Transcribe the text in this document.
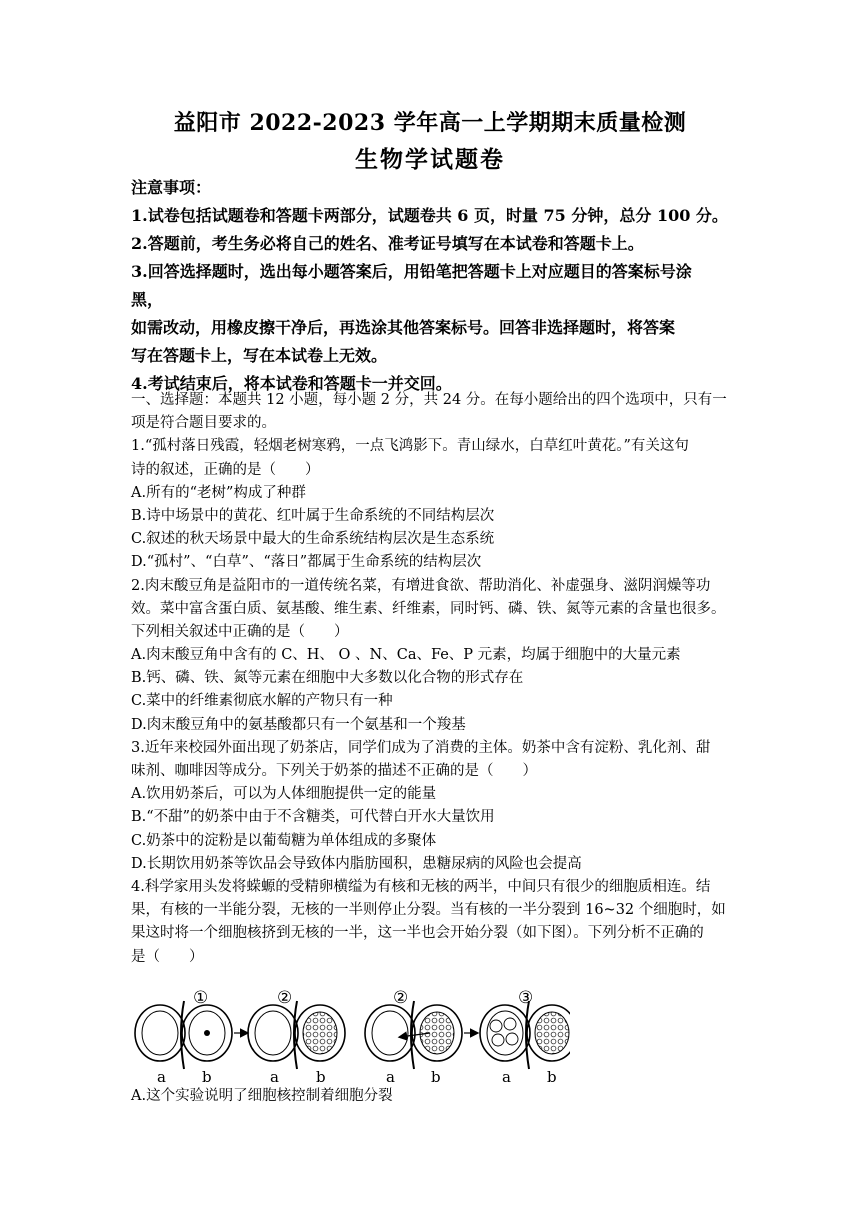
益阳市 2022-2023 学年高一上学期期末质量检测
生物学试题卷
注意事项：
1.试卷包括试题卷和答题卡两部分，试题卷共 6 页，时量 75 分钟，总分 100 分。
2.答题前，考生务必将自己的姓名、准考证号填写在本试卷和答题卡上。
3.回答选择题时，选出每小题答案后，用铅笔把答题卡上对应题目的答案标号涂
黑，
如需改动，用橡皮擦干净后，再选涂其他答案标号。回答非选择题时，将答案
写在答题卡上，写在本试卷上无效。
4.考试结束后，将本试卷和答题卡一并交回。
一、选择题：本题共 12 小题，每小题 2 分，共 24 分。在每小题给出的四个选项中，只有一
项是符合题目要求的。
1.“孤村落日残霞，轻烟老树寒鸦，一点飞鸿影下。青山绿水，白草红叶黄花。”有关这句
诗的叙述，正确的是（　　）
A.所有的“老树”构成了种群
B.诗中场景中的黄花、红叶属于生命系统的不同结构层次
C.叙述的秋天场景中最大的生命系统结构层次是生态系统
D.“孤村”、“白草”、“落日”都属于生命系统的结构层次
2.肉末酸豆角是益阳市的一道传统名菜，有增进食欲、帮助消化、补虚强身、滋阴润燥等功
效。菜中富含蛋白质、氨基酸、维生素、纤维素，同时钙、磷、铁、氮等元素的含量也很多。
下列相关叙述中正确的是（　　）
A.肉末酸豆角中含有的 C、H、 O 、N、Ca、Fe、P 元素，均属于细胞中的大量元素
B.钙、磷、铁、氮等元素在细胞中大多数以化合物的形式存在
C.菜中的纤维素彻底水解的产物只有一种
D.肉末酸豆角中的氨基酸都只有一个氨基和一个羧基
3.近年来校园外面出现了奶茶店，同学们成为了消费的主体。奶茶中含有淀粉、乳化剂、甜
味剂、咖啡因等成分。下列关于奶茶的描述不正确的是（　　）
A.饮用奶茶后，可以为人体细胞提供一定的能量
B.“不甜”的奶茶中由于不含糖类，可代替白开水大量饮用
C.奶茶中的淀粉是以葡萄糖为单体组成的多聚体
D.长期饮用奶茶等饮品会导致体内脂肪囤积，患糖尿病的风险也会提高
4.科学家用头发将蝾螈的受精卵横缢为有核和无核的两半，中间只有很少的细胞质相连。结
果，有核的一半能分裂，无核的一半则停止分裂。当有核的一半分裂到 16~32 个细胞时，如
果这时将一个细胞核挤到无核的一半，这一半也会开始分裂（如下图）。下列分析不正确的
是（　　）
①	②	②	③
a b	a b	a b	a b
A.这个实验说明了细胞核控制着细胞分裂
